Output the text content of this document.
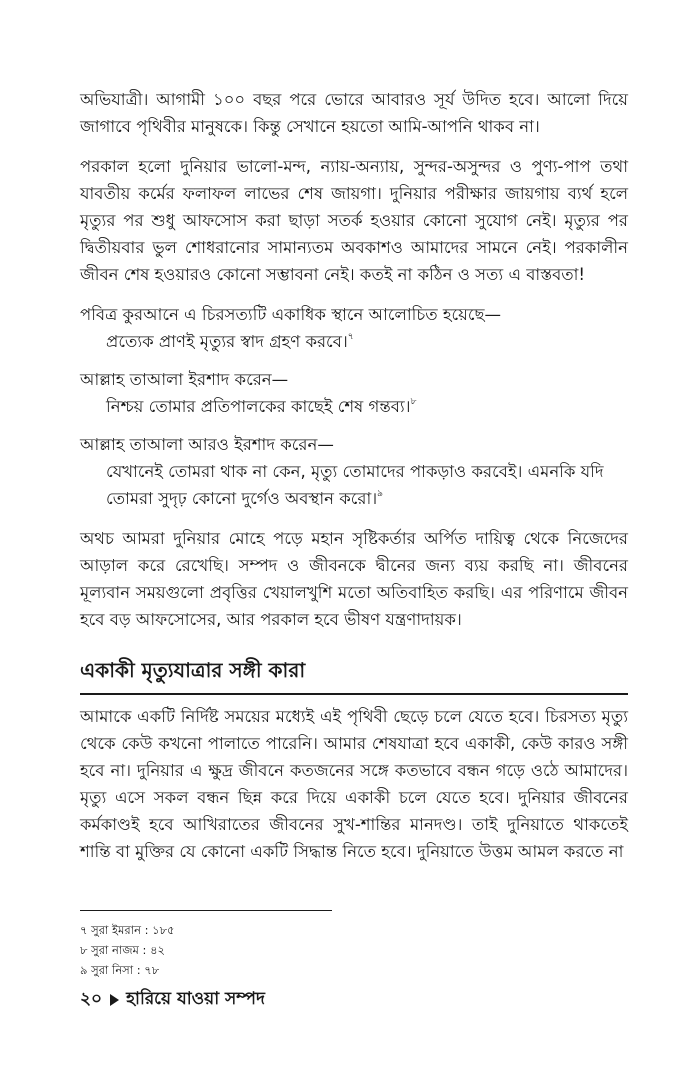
অভিযাত্রী। আগামী ১০০ বছর পরে ভোরে আবারও সূর্য উদিত হবে। আলো দিয়ে জাগাবে পৃথিবীর মানুষকে। কিন্তু সেখানে হয়তো আমি-আপনি থাকব না।

পরকাল হলো দুনিয়ার ভালো-মন্দ, ন্যায়-অন্যায়, সুন্দর-অসুন্দর ও পুণ্য-পাপ তথা যাবতীয় কর্মের ফলাফল লাভের শেষ জায়গা। দুনিয়ার পরীক্ষার জায়গায় ব্যর্থ হলে মৃত্যুর পর শুধু আফসোস করা ছাড়া সতর্ক হওয়ার কোনো সুযোগ নেই। মৃত্যুর পর দ্বিতীয়বার ভুল শোধরানোর সামান্যতম অবকাশও আমাদের সামনে নেই। পরকালীন জীবন শেষ হওয়ারও কোনো সম্ভাবনা নেই। কতই না কঠিন ও সত্য এ বাস্তবতা!

পবিত্র কুরআনে এ চিরসত্যটি একাধিক স্থানে আলোচিত হয়েছে—

প্রত্যেক প্রাণই মৃত্যুর স্বাদ গ্রহণ করবে।$^৭$

আল্লাহ তাআলা ইরশাদ করেন—

নিশ্চয় তোমার প্রতিপালকের কাছেই শেষ গন্তব্য।$^৮$

আল্লাহ তাআলা আরও ইরশাদ করেন—

যেখানেই তোমরা থাক না কেন, মৃত্যু তোমাদের পাকড়াও করবেই। এমনকি যদি তোমরা সুদৃঢ় কোনো দুর্গেও অবস্থান করো।$^৯$

অথচ আমরা দুনিয়ার মোহে পড়ে মহান সৃষ্টিকর্তার অর্পিত দায়িত্ব থেকে নিজেদের আড়াল করে রেখেছি। সম্পদ ও জীবনকে দ্বীনের জন্য ব্যয় করছি না। জীবনের মূল্যবান সময়গুলো প্রবৃত্তির খেয়ালখুশি মতো অতিবাহিত করছি। এর পরিণামে জীবন হবে বড় আফসোসের, আর পরকাল হবে ভীষণ যন্ত্রণাদায়ক।

একাকী মৃত্যুযাত্রার সঙ্গী কারা

আমাকে একটি নির্দিষ্ট সময়ের মধ্যেই এই পৃথিবী ছেড়ে চলে যেতে হবে। চিরসত্য মৃত্যু থেকে কেউ কখনো পালাতে পারেনি। আমার শেষযাত্রা হবে একাকী, কেউ কারও সঙ্গী হবে না। দুনিয়ার এ ক্ষুদ্র জীবনে কতজনের সঙ্গে কতভাবে বন্ধন গড়ে ওঠে আমাদের। মৃত্যু এসে সকল বন্ধন ছিন্ন করে দিয়ে একাকী চলে যেতে হবে। দুনিয়ার জীবনের কর্মকাণ্ডই হবে আখিরাতের জীবনের সুখ-শান্তির মানদণ্ড। তাই দুনিয়াতে থাকতেই শান্তি বা মুক্তির যে কোনো একটি সিদ্ধান্ত নিতে হবে। দুনিয়াতে উত্তম আমল করতে না

৭ সুরা ইমরান : ১৮৫
৮ সুরা নাজম : ৪২
৯ সুরা নিসা : ৭৮
২০ হারিয়ে যাওয়া সম্পদ
